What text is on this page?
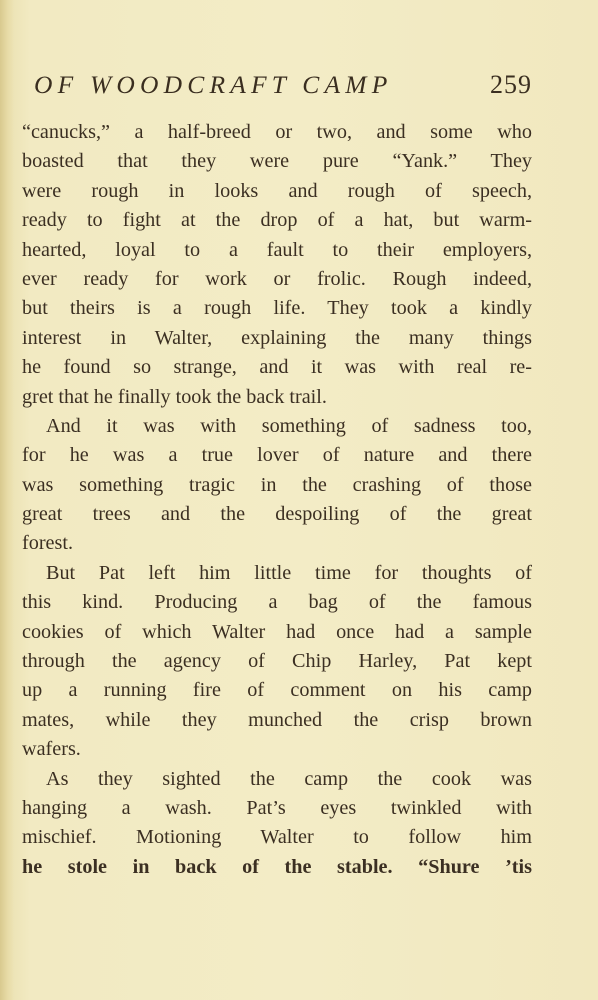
OF WOODCRAFT CAMP	259
“canucks,” a half-breed or two, and some who
boasted that they were pure “Yank.” They
were rough in looks and rough of speech,
ready to fight at the drop of a hat, but warm-
hearted, loyal to a fault to their employers,
ever ready for work or frolic. Rough indeed,
but theirs is a rough life. They took a kindly
interest in Walter, explaining the many things
he found so strange, and it was with real re-
gret that he finally took the back trail.
And it was with something of sadness too,
for he was a true lover of nature and there
was something tragic in the crashing of those
great trees and the despoiling of the great
forest.
But Pat left him little time for thoughts of
this kind. Producing a bag of the famous
cookies of which Walter had once had a sample
through the agency of Chip Harley, Pat kept
up a running fire of comment on his camp
mates, while they munched the crisp brown
wafers.
As they sighted the camp the cook was
hanging a wash. Pat’s eyes twinkled with
mischief. Motioning Walter to follow him
he stole in back of the stable. “Shure ’tis
